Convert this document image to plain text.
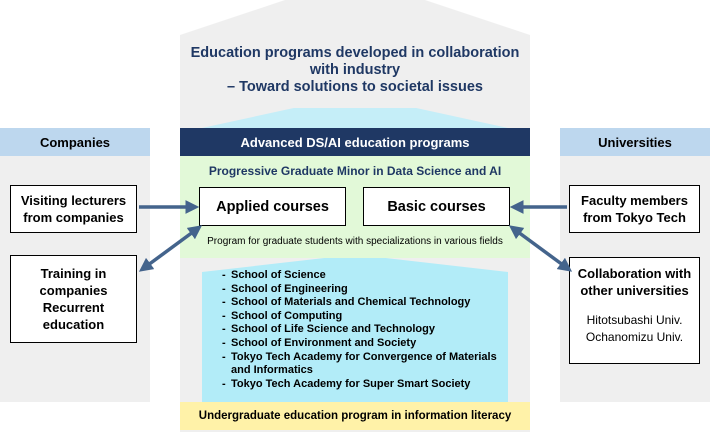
Education programs developed in collaboration
with industry
– Toward solutions to societal issues
Companies	Universities
Advanced DS/AI education programs
Progressive Graduate Minor in Data Science and AI
Applied courses	Basic courses
Program for graduate students with specializations in various fields
- School of Science
- School of Engineering
- School of Materials and Chemical Technology
- School of Computing
- School of Life Science and Technology
- School of Environment and Society
- Tokyo Tech Academy for Convergence of Materials and Informatics
- Tokyo Tech Academy for Super Smart Society
Undergraduate education program in information literacy
Visiting lecturers
from companies
Training in
companies
Recurrent
education
Faculty members
from Tokyo Tech
Collaboration with
other universities
Hitotsubashi Univ.
Ochanomizu Univ.
